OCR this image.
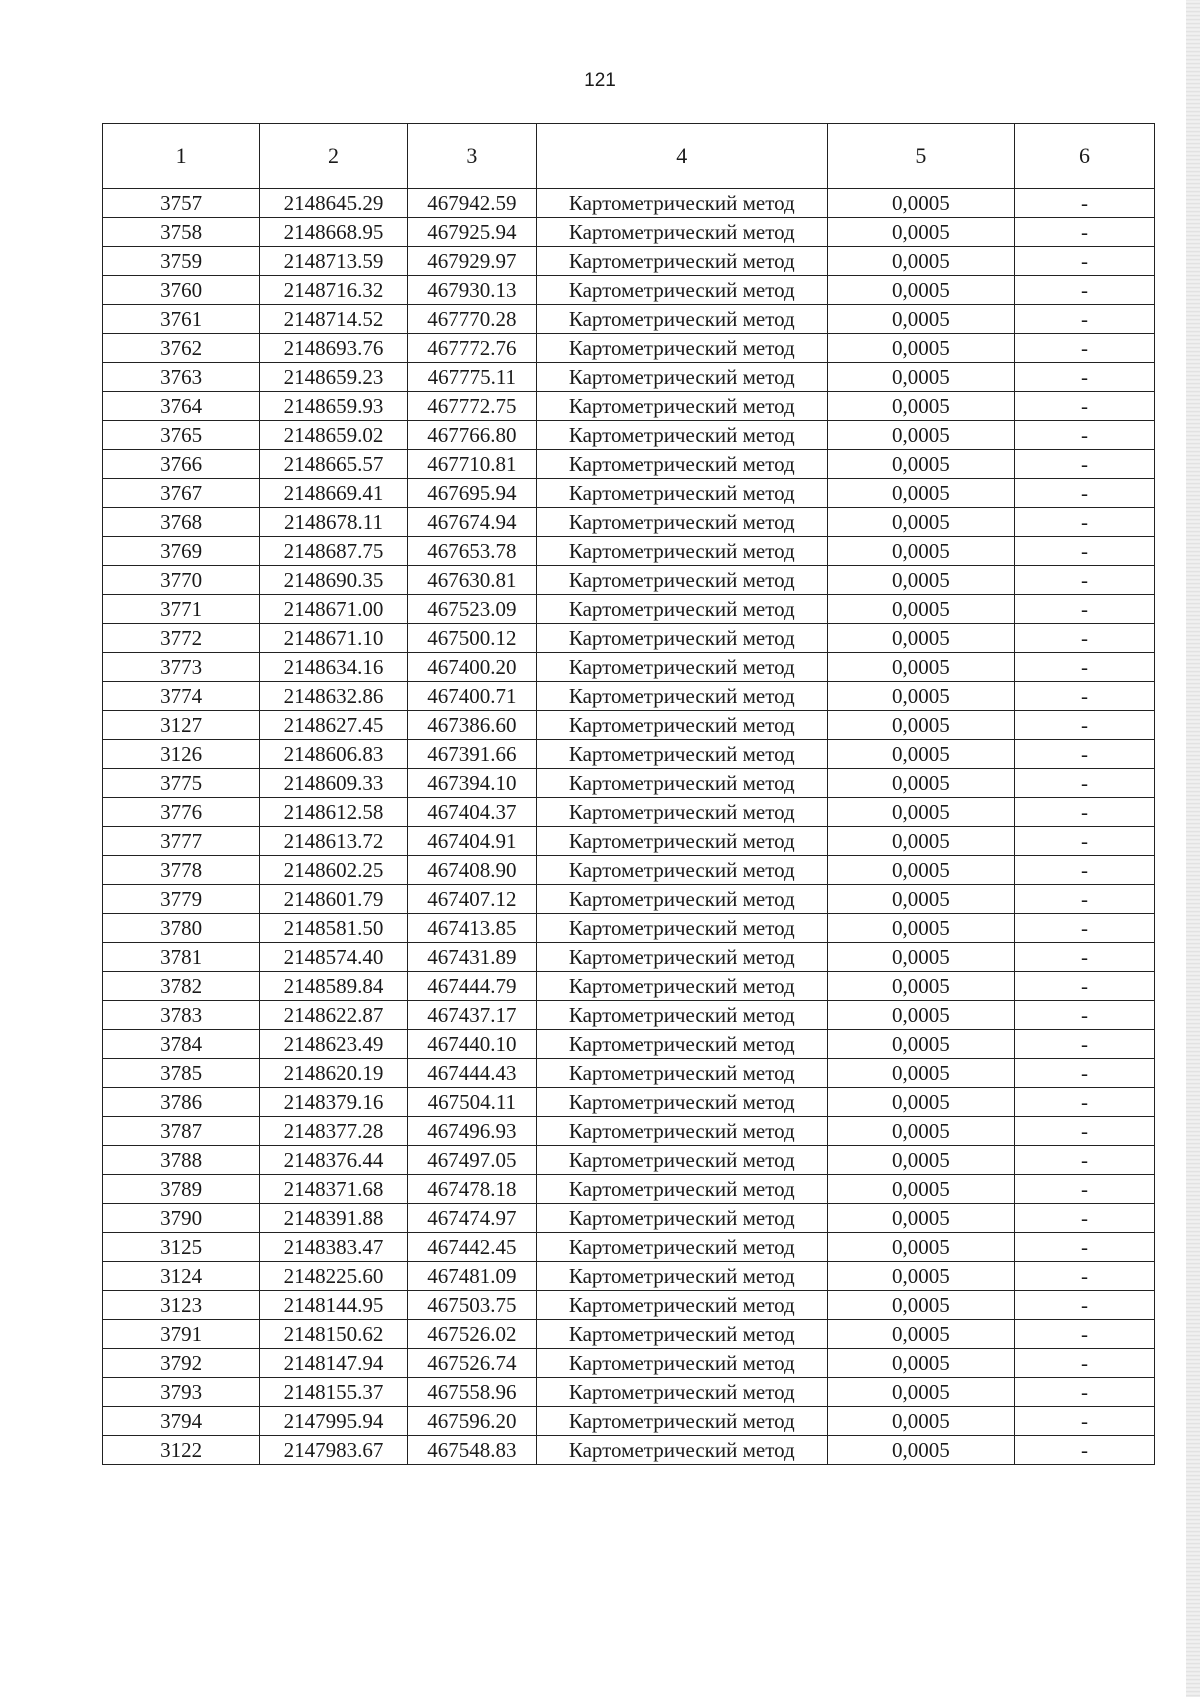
121
1	2	3	4	5	6
3757	2148645.29	467942.59	Картометрический метод	0,0005	-
3758	2148668.95	467925.94	Картометрический метод	0,0005	-
3759	2148713.59	467929.97	Картометрический метод	0,0005	-
3760	2148716.32	467930.13	Картометрический метод	0,0005	-
3761	2148714.52	467770.28	Картометрический метод	0,0005	-
3762	2148693.76	467772.76	Картометрический метод	0,0005	-
3763	2148659.23	467775.11	Картометрический метод	0,0005	-
3764	2148659.93	467772.75	Картометрический метод	0,0005	-
3765	2148659.02	467766.80	Картометрический метод	0,0005	-
3766	2148665.57	467710.81	Картометрический метод	0,0005	-
3767	2148669.41	467695.94	Картометрический метод	0,0005	-
3768	2148678.11	467674.94	Картометрический метод	0,0005	-
3769	2148687.75	467653.78	Картометрический метод	0,0005	-
3770	2148690.35	467630.81	Картометрический метод	0,0005	-
3771	2148671.00	467523.09	Картометрический метод	0,0005	-
3772	2148671.10	467500.12	Картометрический метод	0,0005	-
3773	2148634.16	467400.20	Картометрический метод	0,0005	-
3774	2148632.86	467400.71	Картометрический метод	0,0005	-
3127	2148627.45	467386.60	Картометрический метод	0,0005	-
3126	2148606.83	467391.66	Картометрический метод	0,0005	-
3775	2148609.33	467394.10	Картометрический метод	0,0005	-
3776	2148612.58	467404.37	Картометрический метод	0,0005	-
3777	2148613.72	467404.91	Картометрический метод	0,0005	-
3778	2148602.25	467408.90	Картометрический метод	0,0005	-
3779	2148601.79	467407.12	Картометрический метод	0,0005	-
3780	2148581.50	467413.85	Картометрический метод	0,0005	-
3781	2148574.40	467431.89	Картометрический метод	0,0005	-
3782	2148589.84	467444.79	Картометрический метод	0,0005	-
3783	2148622.87	467437.17	Картометрический метод	0,0005	-
3784	2148623.49	467440.10	Картометрический метод	0,0005	-
3785	2148620.19	467444.43	Картометрический метод	0,0005	-
3786	2148379.16	467504.11	Картометрический метод	0,0005	-
3787	2148377.28	467496.93	Картометрический метод	0,0005	-
3788	2148376.44	467497.05	Картометрический метод	0,0005	-
3789	2148371.68	467478.18	Картометрический метод	0,0005	-
3790	2148391.88	467474.97	Картометрический метод	0,0005	-
3125	2148383.47	467442.45	Картометрический метод	0,0005	-
3124	2148225.60	467481.09	Картометрический метод	0,0005	-
3123	2148144.95	467503.75	Картометрический метод	0,0005	-
3791	2148150.62	467526.02	Картометрический метод	0,0005	-
3792	2148147.94	467526.74	Картометрический метод	0,0005	-
3793	2148155.37	467558.96	Картометрический метод	0,0005	-
3794	2147995.94	467596.20	Картометрический метод	0,0005	-
3122	2147983.67	467548.83	Картометрический метод	0,0005	-
